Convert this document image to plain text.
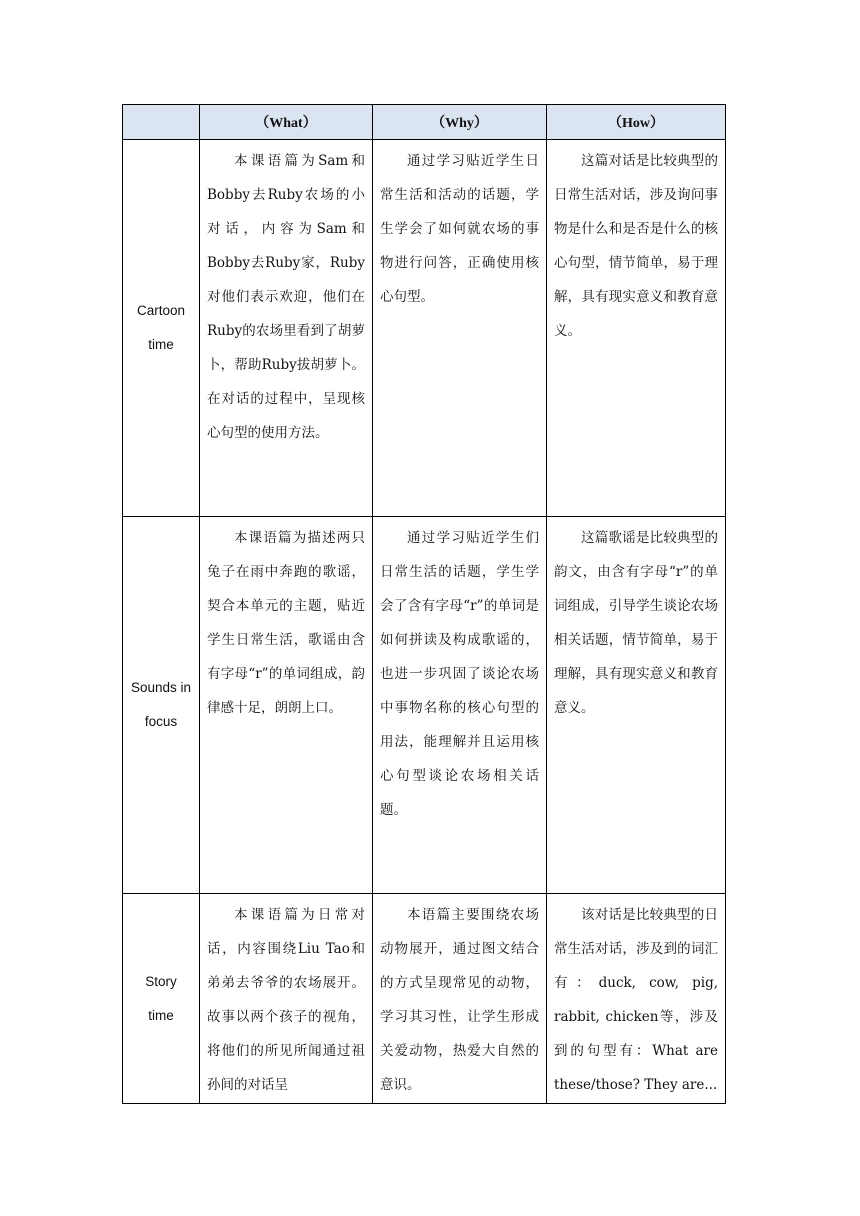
	（What）	（Why）	（How）

Cartoon
time	本课语篇为Sam和Bobby去Ruby农场的小对话，内容为Sam和Bobby去Ruby家，Ruby对他们表示欢迎，他们在Ruby的农场里看到了胡萝卜，帮助Ruby拔胡萝卜。在对话的过程中，呈现核心句型的使用方法。	通过学习贴近学生日常生活和活动的话题，学生学会了如何就农场的事物进行问答，正确使用核心句型。	这篇对话是比较典型的日常生活对话，涉及询问事物是什么和是否是什么的核心句型，情节简单，易于理解，具有现实意义和教育意义。

Sounds in
focus	本课语篇为描述两只兔子在雨中奔跑的歌谣，契合本单元的主题，贴近学生日常生活，歌谣由含有字母“r”的单词组成，韵律感十足，朗朗上口。	通过学习贴近学生们日常生活的话题，学生学会了含有字母“r”的单词是如何拼读及构成歌谣的，也进一步巩固了谈论农场中事物名称的核心句型的用法，能理解并且运用核心句型谈论农场相关话题。	这篇歌谣是比较典型的韵文，由含有字母“r”的单词组成，引导学生谈论农场相关话题，情节简单，易于理解，具有现实意义和教育意义。

Story
time	本课语篇为日常对话，内容围绕Liu Tao和弟弟去爷爷的农场展开。故事以两个孩子的视角，将他们的所见所闻通过祖孙间的对话呈	本语篇主要围绕农场动物展开，通过图文结合的方式呈现常见的动物，学习其习性，让学生形成关爱动物，热爱大自然的意识。	该对话是比较典型的日常生活对话，涉及到的词汇有：duck, cow, pig, rabbit, chicken等，涉及到的句型有：What are these/those? They are...
